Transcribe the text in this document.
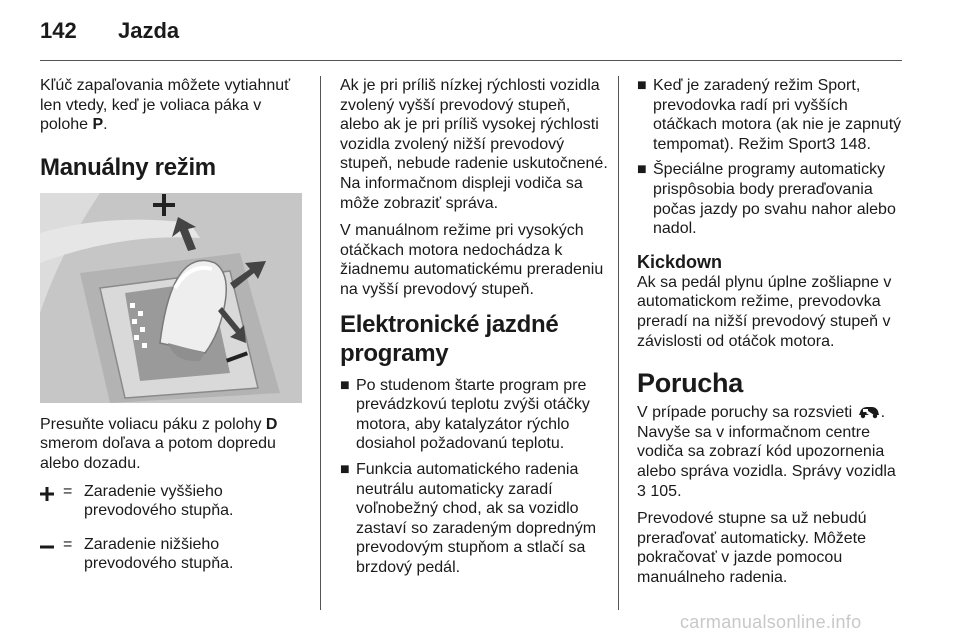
142 Jazda

Kľúč zapaľovania môžete vytiahnuť len vtedy, keď je voliaca páka v polohe P.

Manuálny režim

Presuňte voliacu páku z polohy D smerom doľava a potom dopredu alebo dozadu.

= Zaradenie vyššieho prevodového stupňa.
= Zaradenie nižšieho prevodového stupňa.

Ak je pri príliš nízkej rýchlosti vozidla zvolený vyšší prevodový stupeň, alebo ak je pri príliš vysokej rýchlosti vozidla zvolený nižší prevodový stupeň, nebude radenie uskutočnené. Na informačnom displeji vodiča sa môže zobraziť správa.

V manuálnom režime pri vysokých otáčkach motora nedochádza k žiadnemu automatickému preradeniu na vyšší prevodový stupeň.

Elektronické jazdné programy
■ Po studenom štarte program pre prevádzkovú teplotu zvýši otáčky motora, aby katalyzátor rýchlo dosiahol požadovanú teplotu.
■ Funkcia automatického radenia neutrálu automaticky zaradí voľnobežný chod, ak sa vozidlo zastaví so zaradeným dopredným prevodovým stupňom a stlačí sa brzdový pedál.
■ Keď je zaradený režim Sport, prevodovka radí pri vyšších otáčkach motora (ak nie je zapnutý tempomat). Režim Sport3 148.
■ Špeciálne programy automaticky prispôsobia body preraďovania počas jazdy po svahu nahor alebo nadol.
Kickdown

Ak sa pedál plynu úplne zošliapne v automatickom režime, prevodovka preradí na nižší prevodový stupeň v závislosti od otáčok motora.

Porucha

V prípade poruchy sa rozsvieti . Navyše sa v informačnom centre vodiča sa zobrazí kód upozornenia alebo správa vozidla. Správy vozidla 3 105.

Prevodové stupne sa už nebudú preraďovať automaticky. Môžete pokračovať v jazde pomocou manuálneho radenia.

carmanualsonline.info
